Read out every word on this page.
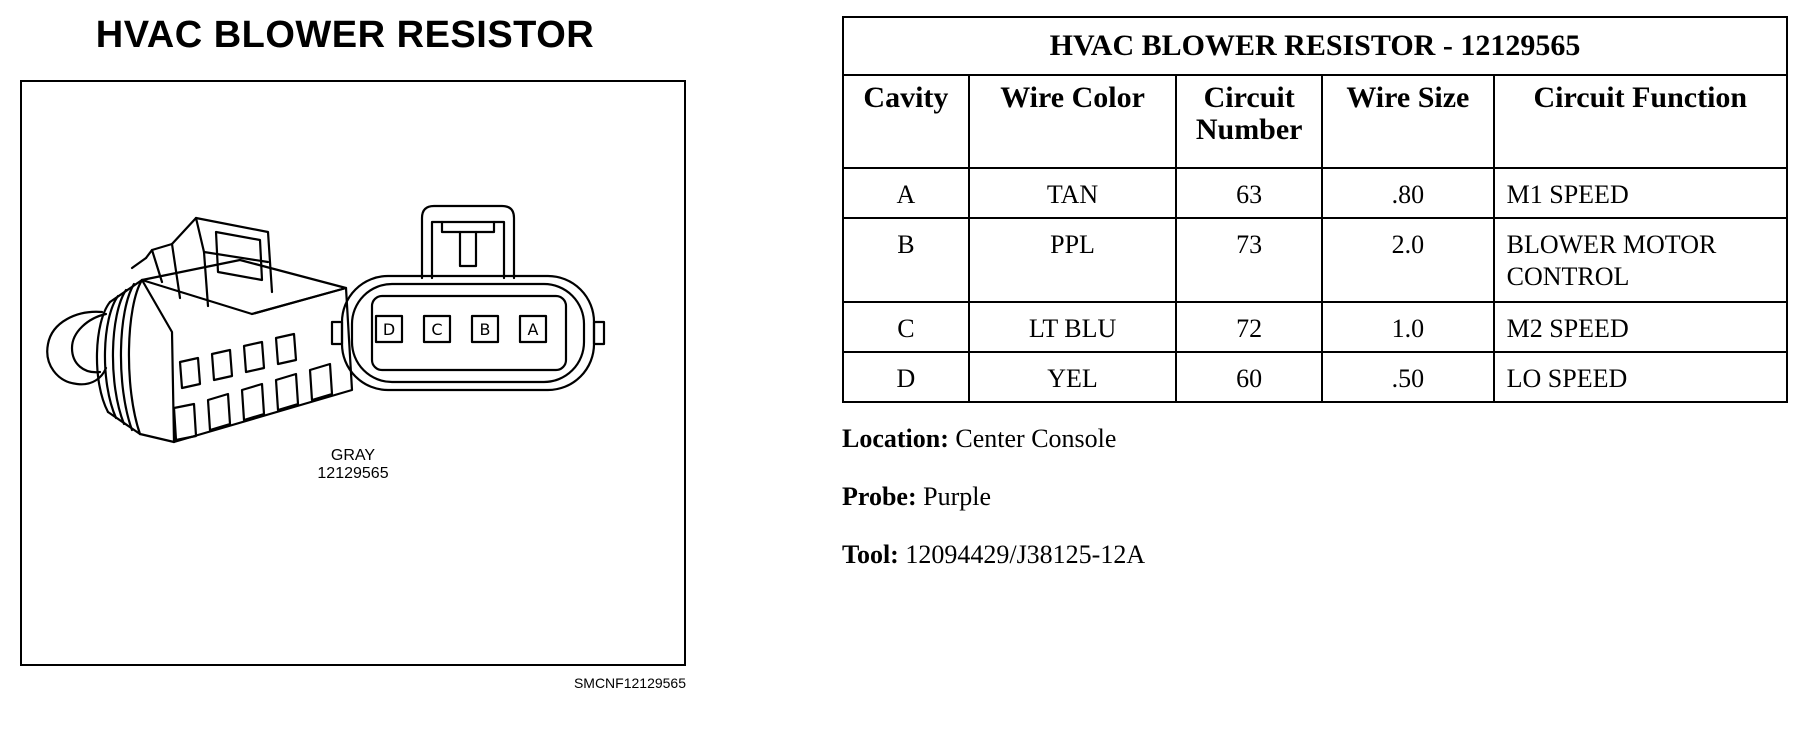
HVAC BLOWER RESISTOR
D C B A
GRAY
12129565
SMCNF12129565
HVAC BLOWER RESISTOR - 12129565				
Cavity	Wire Color	Circuit Number	Wire Size	Circuit Function
A	TAN	63	.80	M1 SPEED
B	PPL	73	2.0	BLOWER MOTOR CONTROL
C	LT BLU	72	1.0	M2 SPEED
D	YEL	60	.50	LO SPEED
Location: Center Console
Probe: Purple
Tool: 12094429/J38125-12A
